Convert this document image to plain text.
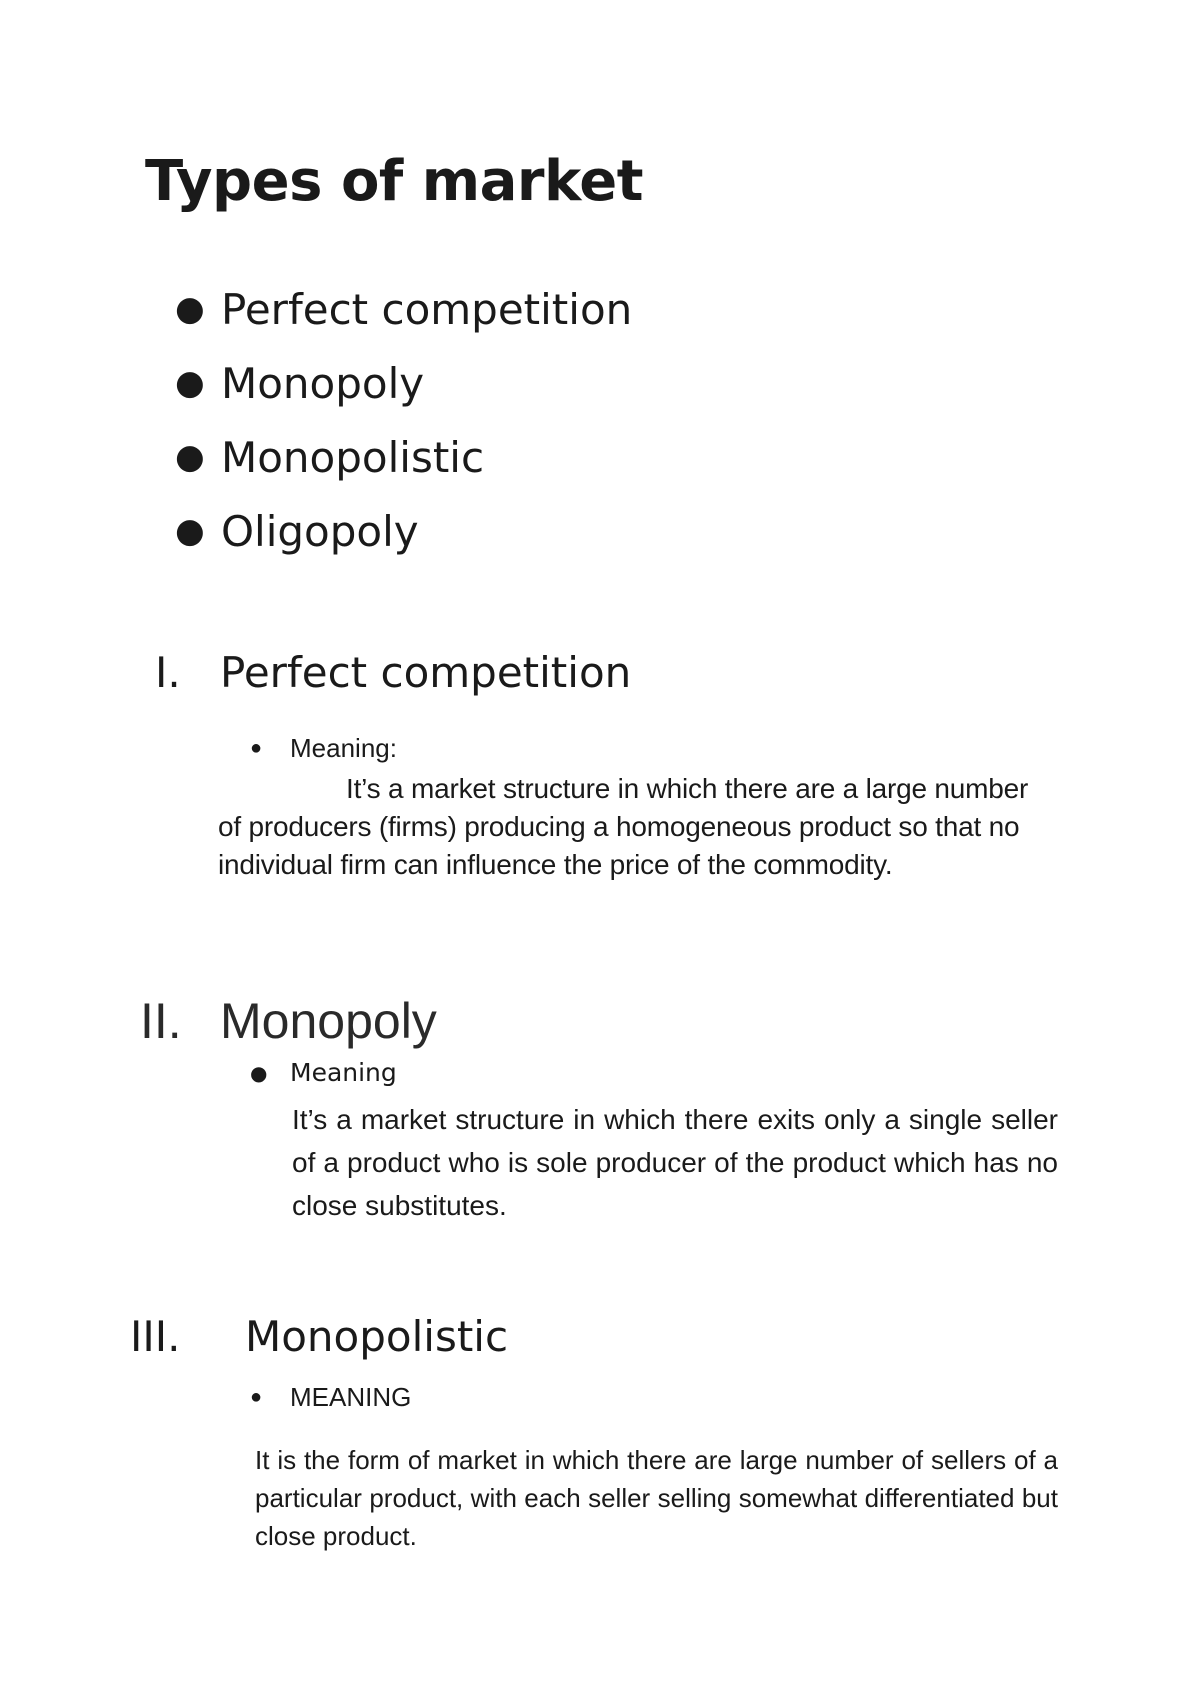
Types of market
● Perfect competition
● Monopoly
● Monopolistic
● Oligopoly
I. Perfect competition
●	Meaning:

It’s a market structure in which there are a large number of producers (firms) producing a homogeneous product so that no individual firm can influence the price of the commodity.

II. Monopoly
● Meaning

It’s a market structure in which there exits only a single seller of a product who is sole producer of the product which has no close substitutes.

III.	Monopolistic
●	MEANING

It is the form of market in which there are large number of sellers of a particular product, with each seller selling somewhat differentiated but close product.
